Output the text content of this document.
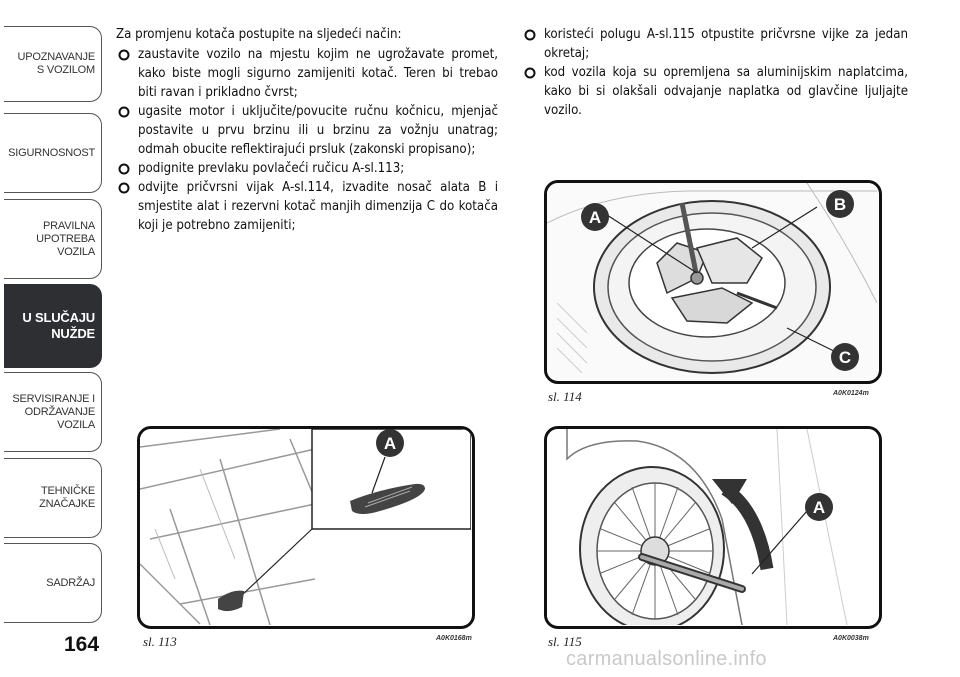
UPOZNAVANJE
S VOZILOM
SIGURNOSNOST
PRAVILNA
UPOTREBA
VOZILA
U SLUČAJU
NUŽDE
SERVISIRANJE I
ODRŽAVANJE
VOZILA
TEHNIČKE
ZNAČAJKE
SADRŽAJ
164

Za promjenu kotača postupite na sljedeći način:

zaustavite vozilo na mjestu kojim ne ugrožavate promet, kako biste mogli sigurno zamijeniti kotač. Teren bi trebao biti ravan i prikladno čvrst;
ugasite motor i uključite/povucite ručnu kočnicu, mjenjač postavite u prvu brzinu ili u brzinu za vožnju unatrag; odmah obucite reflektirajući prsluk (zakonski propisano);
podignite prevlaku povlačeći ručicu A-sl.113;
odvijte pričvrsni vijak A-sl.114, izvadite nosač alata B i smjestite alat i rezervni kotač manjih dimenzija C do kotača koji je potrebno zamijeniti;
koristeći polugu A-sl.115 otpustite pričvrsne vijke za jedan okretaj;
kod vozila koja su opremljena sa aluminijskim naplatcima, kako bi si olakšali odvajanje naplatka od glavčine ljuljajte vozilo.
A
B
C
sl. 114	A0K0124m
A
sl. 113	A0K0168m
A
sl. 115	A0K0038m
carmanualsonline.info
